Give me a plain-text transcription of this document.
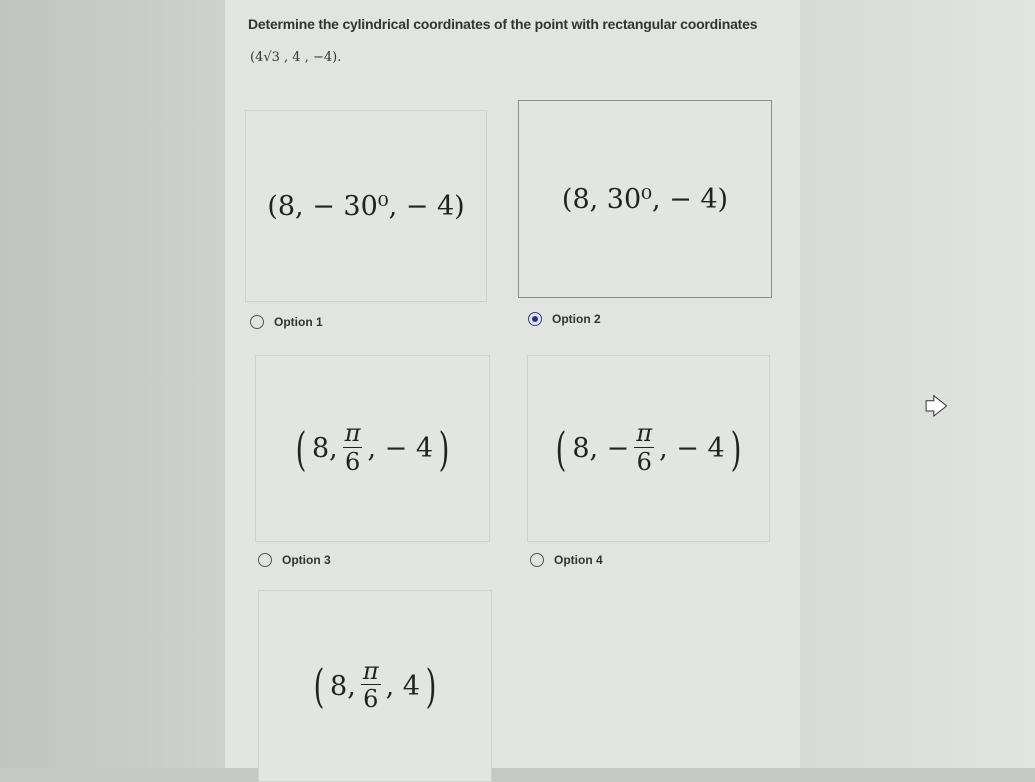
Determine the cylindrical coordinates of the point with rectangular coordinates
(4√3 , 4 , −4).
(8, − 30⁰, − 4)	(8, 30⁰, − 4)
Option 1	Option 2
( 8, $\frac{\pi}{6}$ , − 4 ) ( 8, − $\frac{\pi}{6}$ , − 4 )
Option 3	Option 4
( 8, $\frac{\pi}{6}$ , 4 )
🡆
